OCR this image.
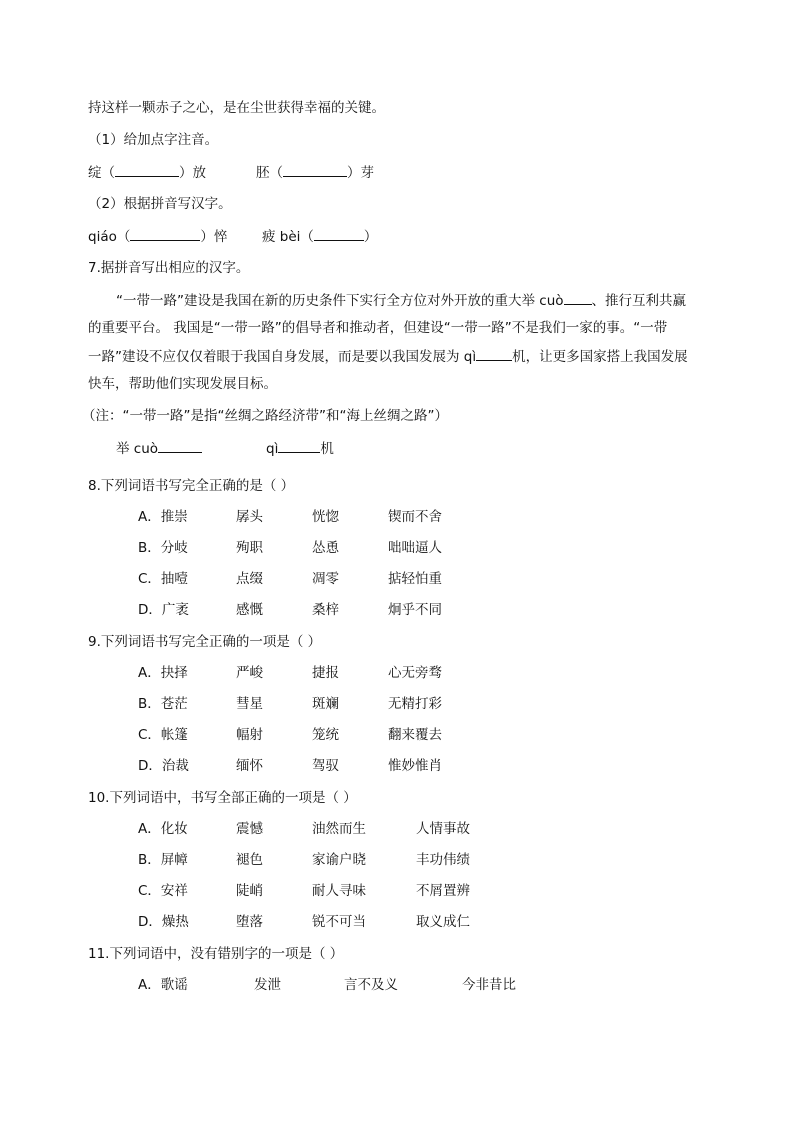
持这样一颗赤子之心，是在尘世获得幸福的关键。
（1）给加点字注音。
绽（	）放	胚（	）芽
（2）根据拼音写汉字。
qiáo（	）悴	疲 bèi（	）
7.据拼音写出相应的汉字。
“一带一路”建设是我国在新的历史条件下实行全方位对外开放的重大举 cuò 、推行互利共赢
的重要平台。 我国是“一带一路”的倡导者和推动者，但建设“一带一路”不是我们一家的事。“一带
一路”建设不应仅仅着眼于我国自身发展，而是要以我国发展为 qì	机，让更多国家搭上我国发展
快车，帮助他们实现发展目标。
（注：“一带一路”是指“丝绸之路经济带”和“海上丝绸之路”）
举 cuò	qì	机
8.下列词语书写完全正确的是（ ）
A．推崇	孱头	恍惚	锲而不舍
B．分岐	殉职	怂恿	咄咄逼人
C．抽噎	点缀	凋零	掂轻怕重
D．广袤	感慨	桑梓	炯乎不同
9.下列词语书写完全正确的一项是（ ）
A．抉择	严峻	捷报	心无旁骛
B．苍茫	彗星	斑斓	无精打彩
C．帐篷	幅射	笼统	翻来覆去
D．治裁	缅怀	驾驭	惟妙惟肖
10.下列词语中，书写全部正确的一项是（ ）
A．化妆	震憾	油然而生	人情事故
B．屏幛	褪色	家谕户晓	丰功伟绩
C．安祥	陡峭	耐人寻味	不屑置辨
D．燥热	堕落	锐不可当	取义成仁
11.下列词语中，没有错别字的一项是（ ）
A．歌谣	发泄	言不及义	今非昔比
